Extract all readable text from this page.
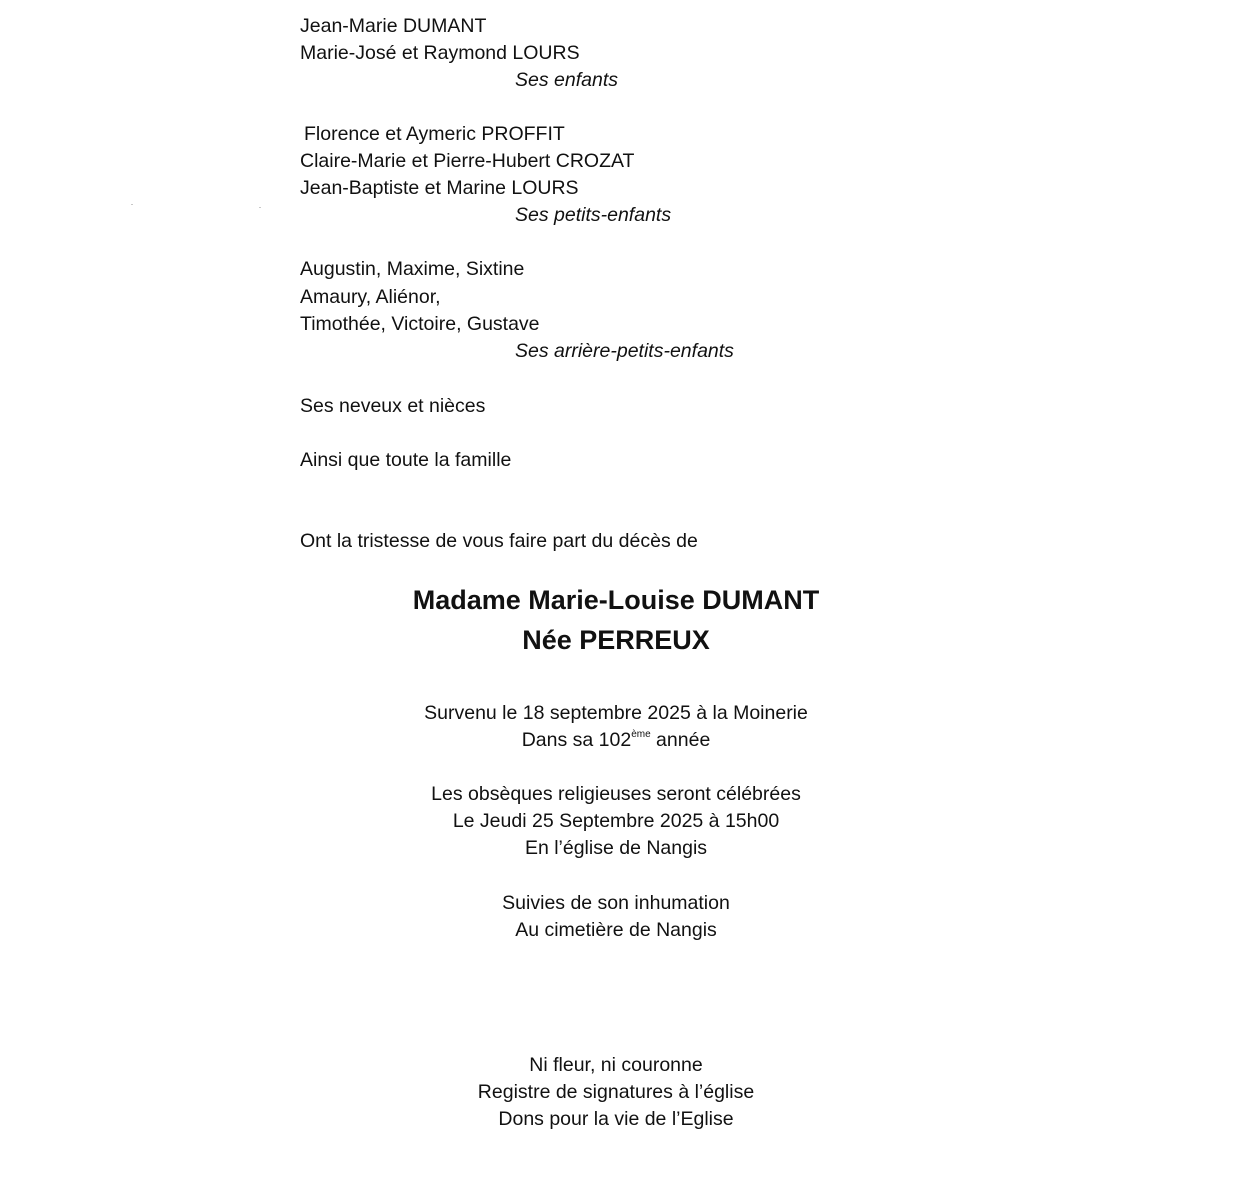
Jean-Marie DUMANT

Marie-José et Raymond LOURS

Ses enfants

Florence et Aymeric PROFFIT

Claire-Marie et Pierre-Hubert CROZAT

Jean-Baptiste et Marine LOURS

Ses petits-enfants

Augustin, Maxime, Sixtine

Amaury, Aliénor,

Timothée, Victoire, Gustave

Ses arrière-petits-enfants

Ses neveux et nièces

Ainsi que toute la famille

Ont la tristesse de vous faire part du décès de

Madame Marie-Louise DUMANT

Née PERREUX

Survenu le 18 septembre 2025 à la Moinerie

Dans sa 102ème année

Les obsèques religieuses seront célébrées

Le Jeudi 25 Septembre 2025 à 15h00

En l’église de Nangis

Suivies de son inhumation

Au cimetière de Nangis

Ni fleur, ni couronne

Registre de signatures à l’église

Dons pour la vie de l’Eglise
